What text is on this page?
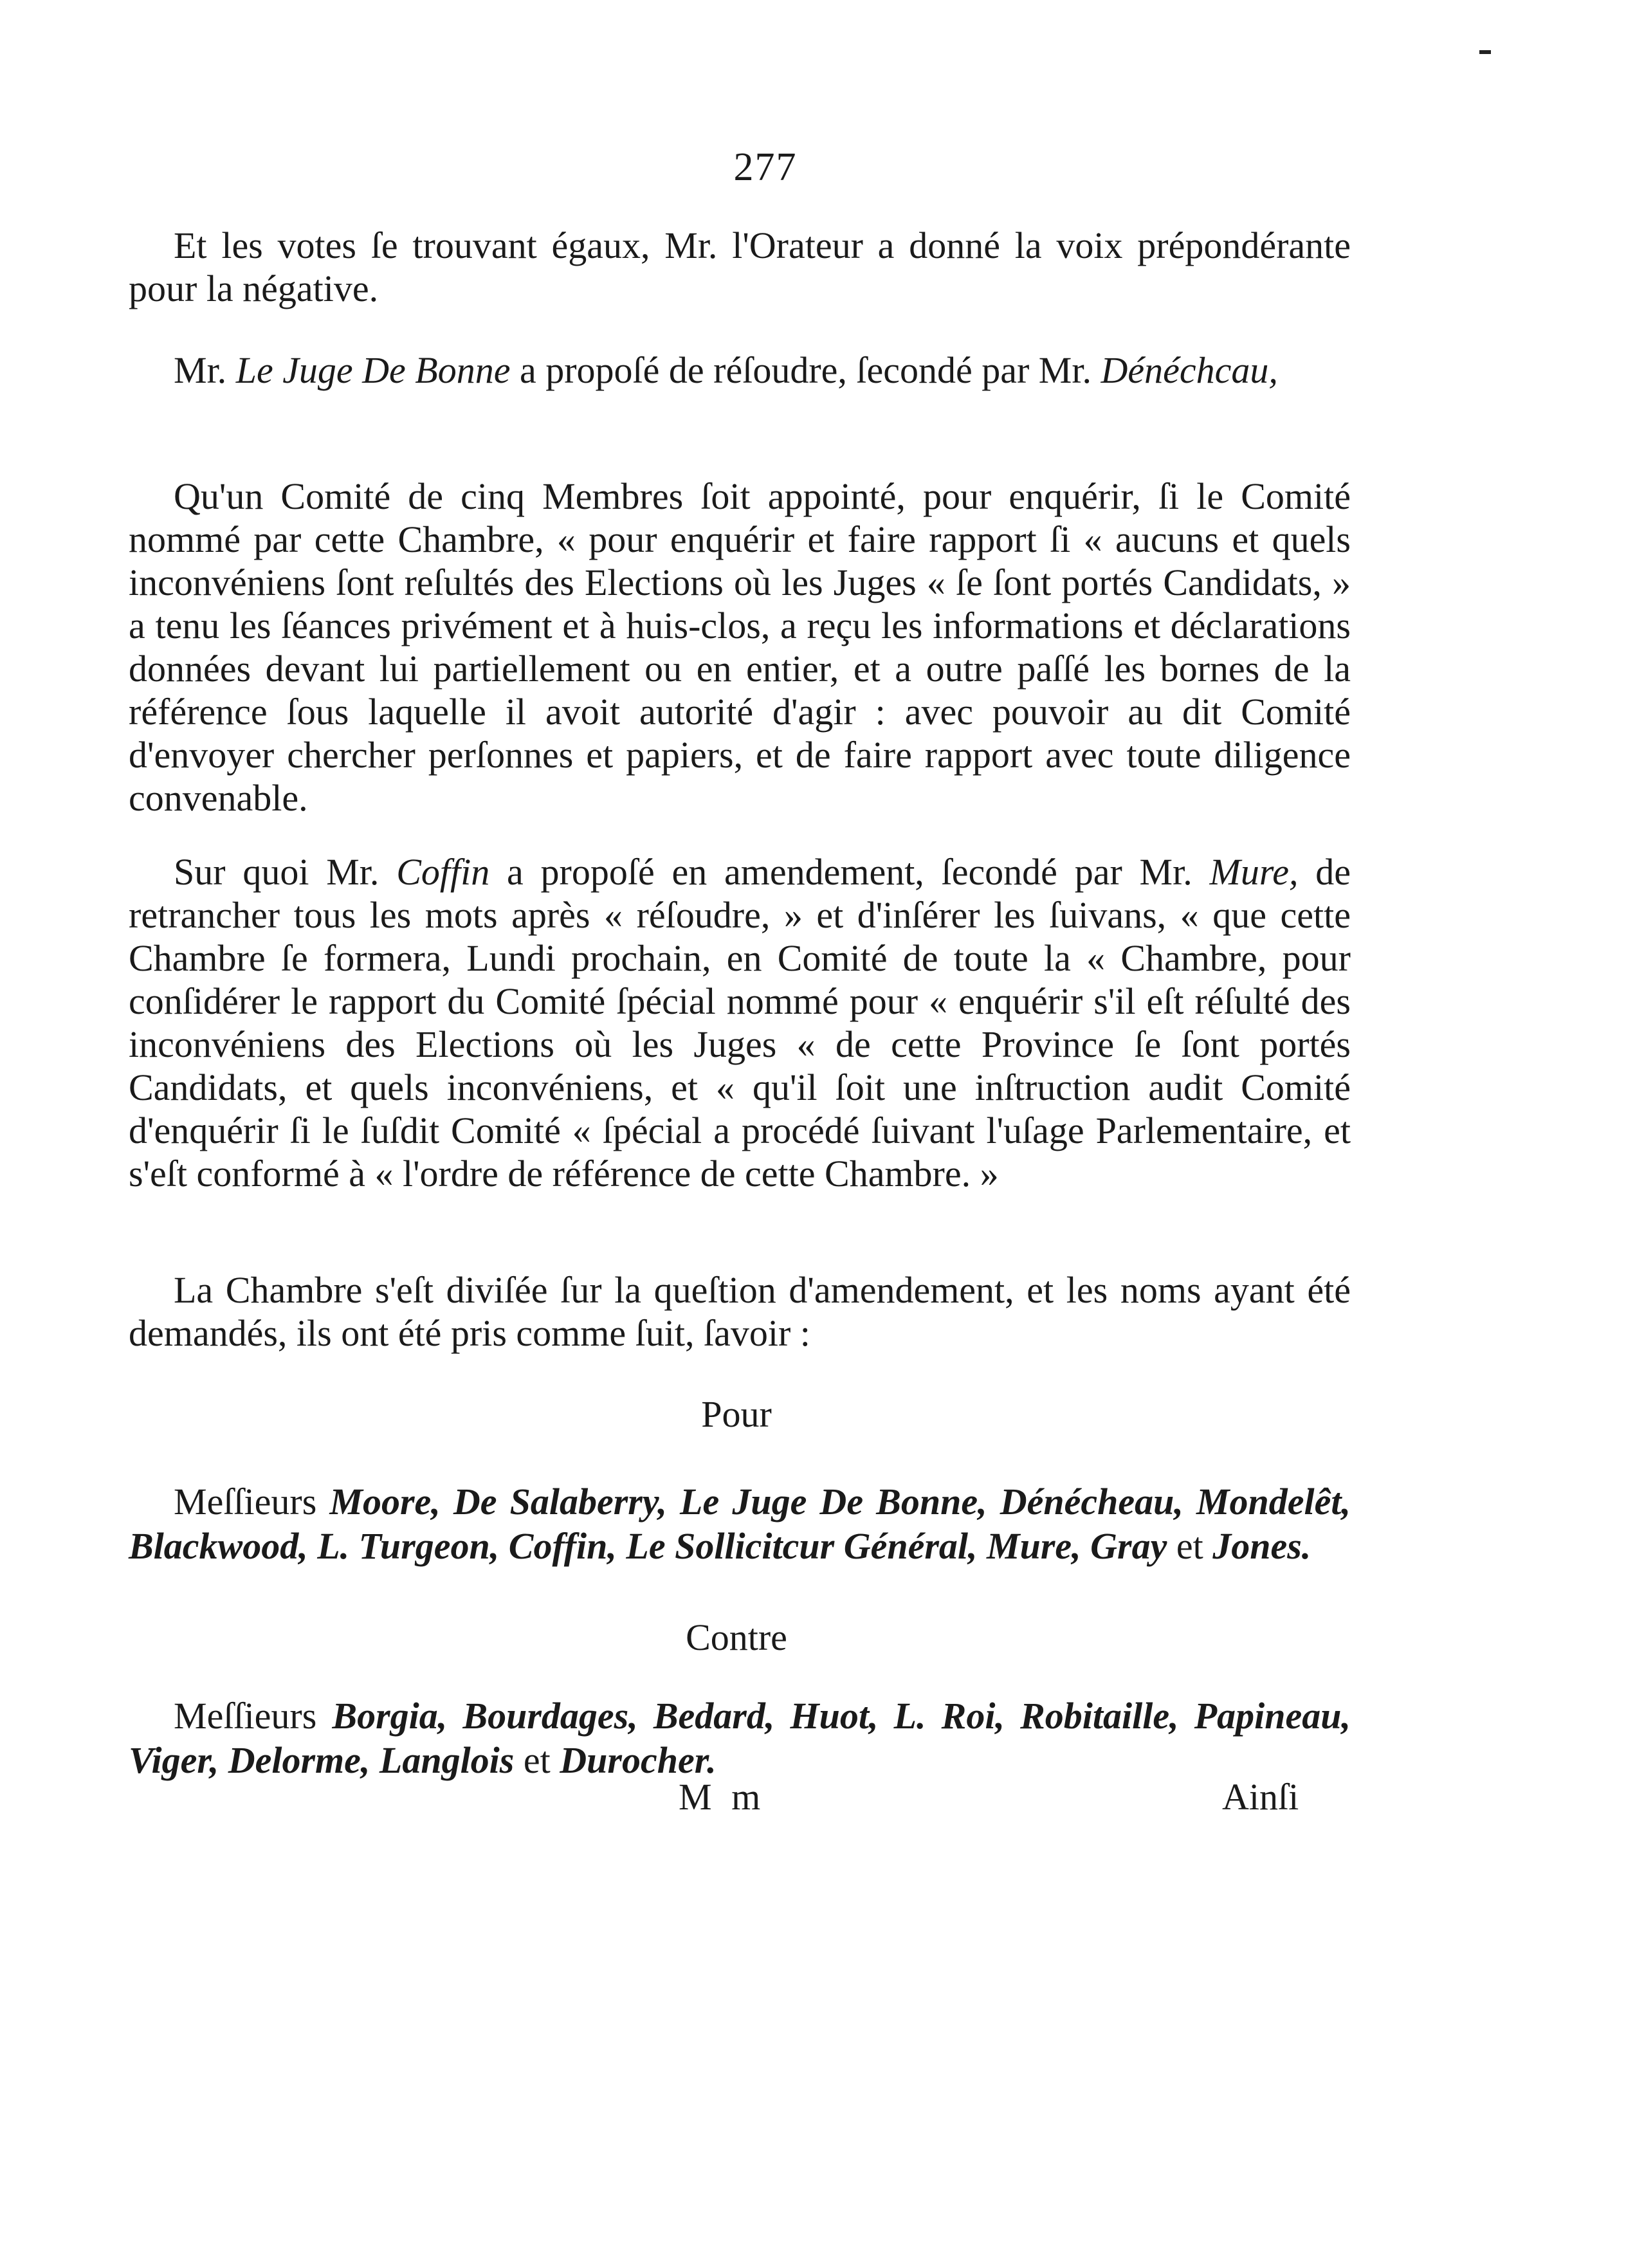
277
Et les votes ſe trouvant égaux, Mr. l'Orateur a donné la voix prépondérante pour la négative.
Mr. Le Juge De Bonne a propoſé de réſoudre, ſecondé par Mr. Dénéchcau,
Qu'un Comité de cinq Membres ſoit appointé, pour enquérir, ſi le Comité nommé par cette Chambre, « pour enquérir et faire rapport ſi « aucuns et quels inconvéniens ſont reſultés des Elections où les Juges « ſe ſont portés Candidats, » a tenu les ſéances privément et à huis-clos, a reçu les informations et déclarations données devant lui partiellement ou en entier, et a outre paſſé les bornes de la référence ſous laquelle il avoit autorité d'agir : avec pouvoir au dit Comité d'envoyer chercher perſonnes et papiers, et de faire rapport avec toute diligence convenable.
Sur quoi Mr. Coffin a propoſé en amendement, ſecondé par Mr. Mure, de retrancher tous les mots après « réſoudre, » et d'inſérer les ſuivans, « que cette Chambre ſe formera, Lundi prochain, en Comité de toute la « Chambre, pour conſidérer le rapport du Comité ſpécial nommé pour « enquérir s'il eſt réſulté des inconvéniens des Elections où les Juges « de cette Province ſe ſont portés Candidats, et quels inconvéniens, et « qu'il ſoit une inſtruction audit Comité d'enquérir ſi le ſuſdit Comité « ſpécial a procédé ſuivant l'uſage Parlementaire, et s'eſt conformé à « l'ordre de référence de cette Chambre. »
La Chambre s'eſt diviſée ſur la queſtion d'amendement, et les noms ayant été demandés, ils ont été pris comme ſuit, ſavoir :
Pour
Meſſieurs Moore, De Salaberry, Le Juge De Bonne, Dénécheau, Mondelêt, Blackwood, L. Turgeon, Coffin, Le Sollicitcur Général, Mure, Gray et Jones.
Contre
Meſſieurs Borgia, Bourdages, Bedard, Huot, L. Roi, Robitaille, Papineau, Viger, Delorme, Langlois et Durocher.
M m	Ainſi
